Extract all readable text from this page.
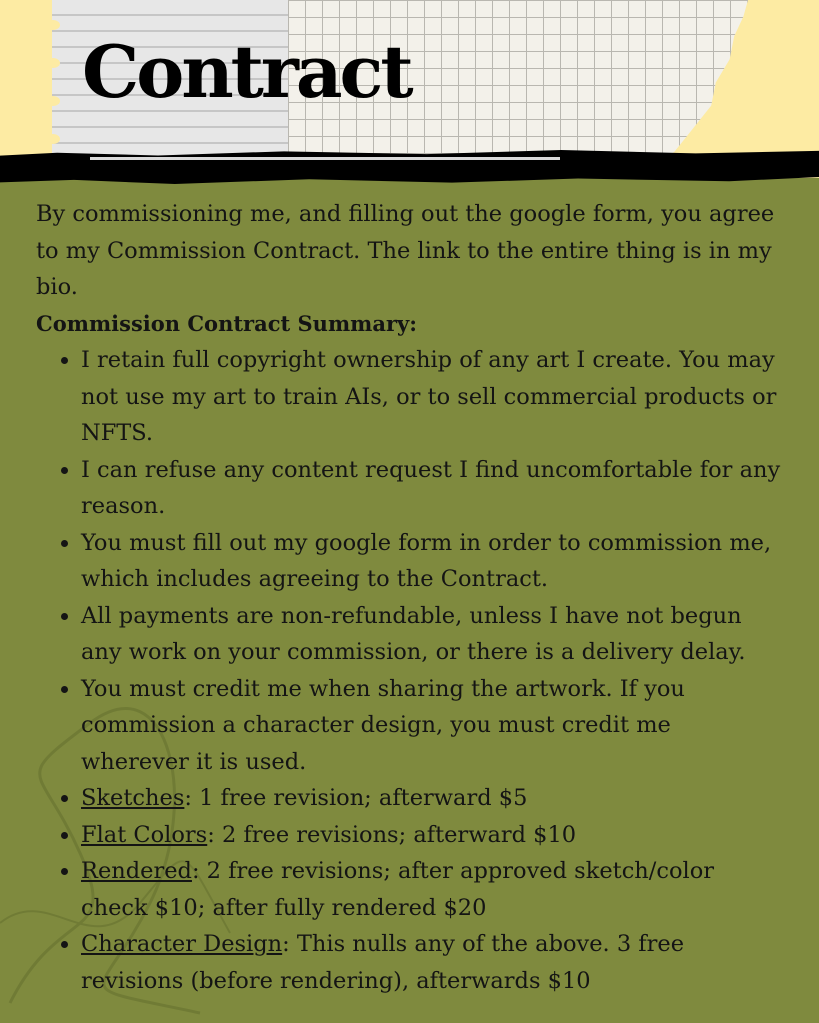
Contract

By commissioning me, and filling out the google form, you agree to my Commission Contract. The link to the entire thing is in my bio.

Commission Contract Summary:

• I retain full copyright ownership of any art I create. You may not use my art to train AIs, or to sell commercial products or NFTS.
• I can refuse any content request I find uncomfortable for any reason.
• You must fill out my google form in order to commission me, which includes agreeing to the Contract.
• All payments are non-refundable, unless I have not begun any work on your commission, or there is a delivery delay.
• You must credit me when sharing the artwork. If you commission a character design, you must credit me wherever it is used.
• Sketches: 1 free revision; afterward $5
• Flat Colors: 2 free revisions; afterward $10
• Rendered: 2 free revisions; after approved sketch/color check $10; after fully rendered $20
• Character Design: This nulls any of the above. 3 free revisions (before rendering), afterwards $10
